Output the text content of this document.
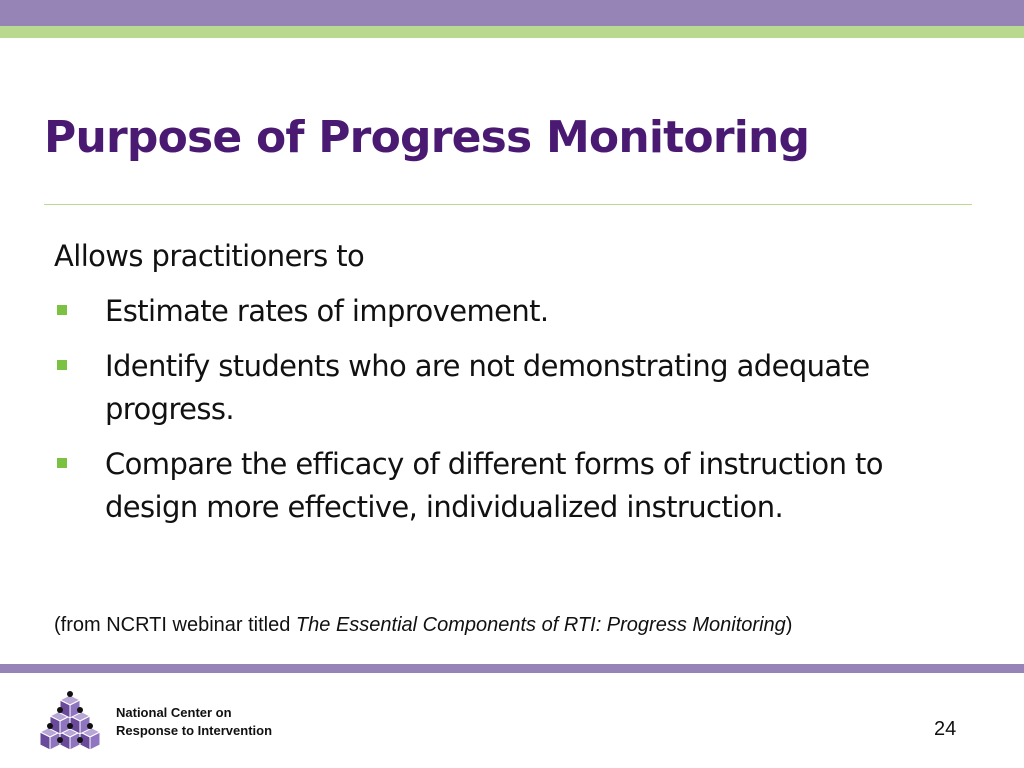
Purpose of Progress Monitoring

Allows practitioners to

Estimate rates of improvement.
Identify students who are not demonstrating adequate progress.
Compare the efficacy of different forms of instruction to design more effective, individualized instruction.

(from NCRTI webinar titled The Essential Components of RTI: Progress Monitoring)

National Center on
Response to Intervention	24
